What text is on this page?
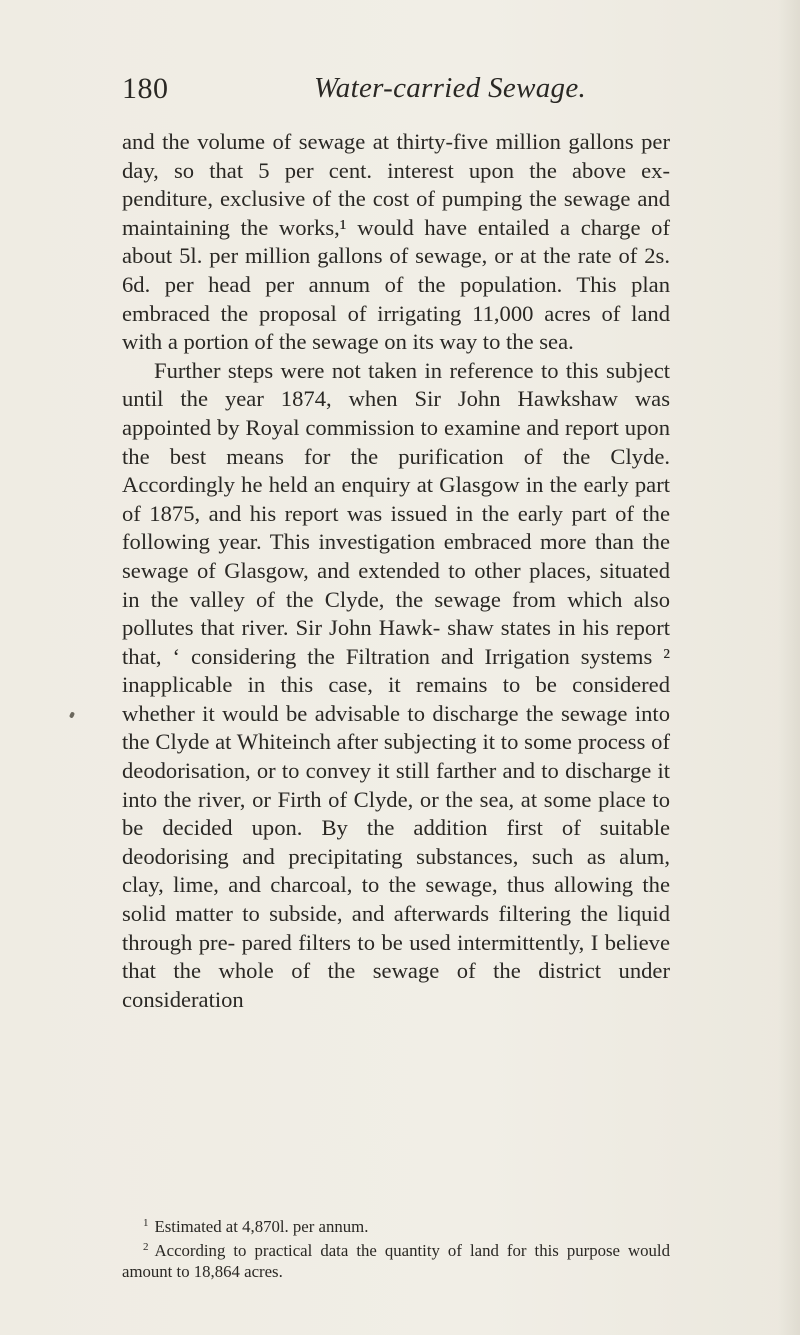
180	Water-carried Sewage.

and the volume of sewage at thirty-five million gallons per day, so that 5 per cent. interest upon the above ex- penditure, exclusive of the cost of pumping the sewage and maintaining the works,¹ would have entailed a charge of about 5l. per million gallons of sewage, or at the rate of 2s. 6d. per head per annum of the population. This plan embraced the proposal of irrigating 11,000 acres of land with a portion of the sewage on its way to the sea.

Further steps were not taken in reference to this subject until the year 1874, when Sir John Hawkshaw was appointed by Royal commission to examine and report upon the best means for the purification of the Clyde. Accordingly he held an enquiry at Glasgow in the early part of 1875, and his report was issued in the early part of the following year. This investigation embraced more than the sewage of Glasgow, and extended to other places, situated in the valley of the Clyde, the sewage from which also pollutes that river. Sir John Hawk- shaw states in his report that, ‘ considering the Filtration and Irrigation systems ² inapplicable in this case, it remains to be considered whether it would be advisable to discharge the sewage into the Clyde at Whiteinch after subjecting it to some process of deodorisation, or to convey it still farther and to discharge it into the river, or Firth of Clyde, or the sea, at some place to be decided upon. By the addition first of suitable deodorising and precipitating substances, such as alum, clay, lime, and charcoal, to the sewage, thus allowing the solid matter to subside, and afterwards filtering the liquid through pre- pared filters to be used intermittently, I believe that the whole of the sewage of the district under consideration

$^1$ Estimated at 4,870l. per annum.

$^2$ According to practical data the quantity of land for this purpose would amount to 18,864 acres.
